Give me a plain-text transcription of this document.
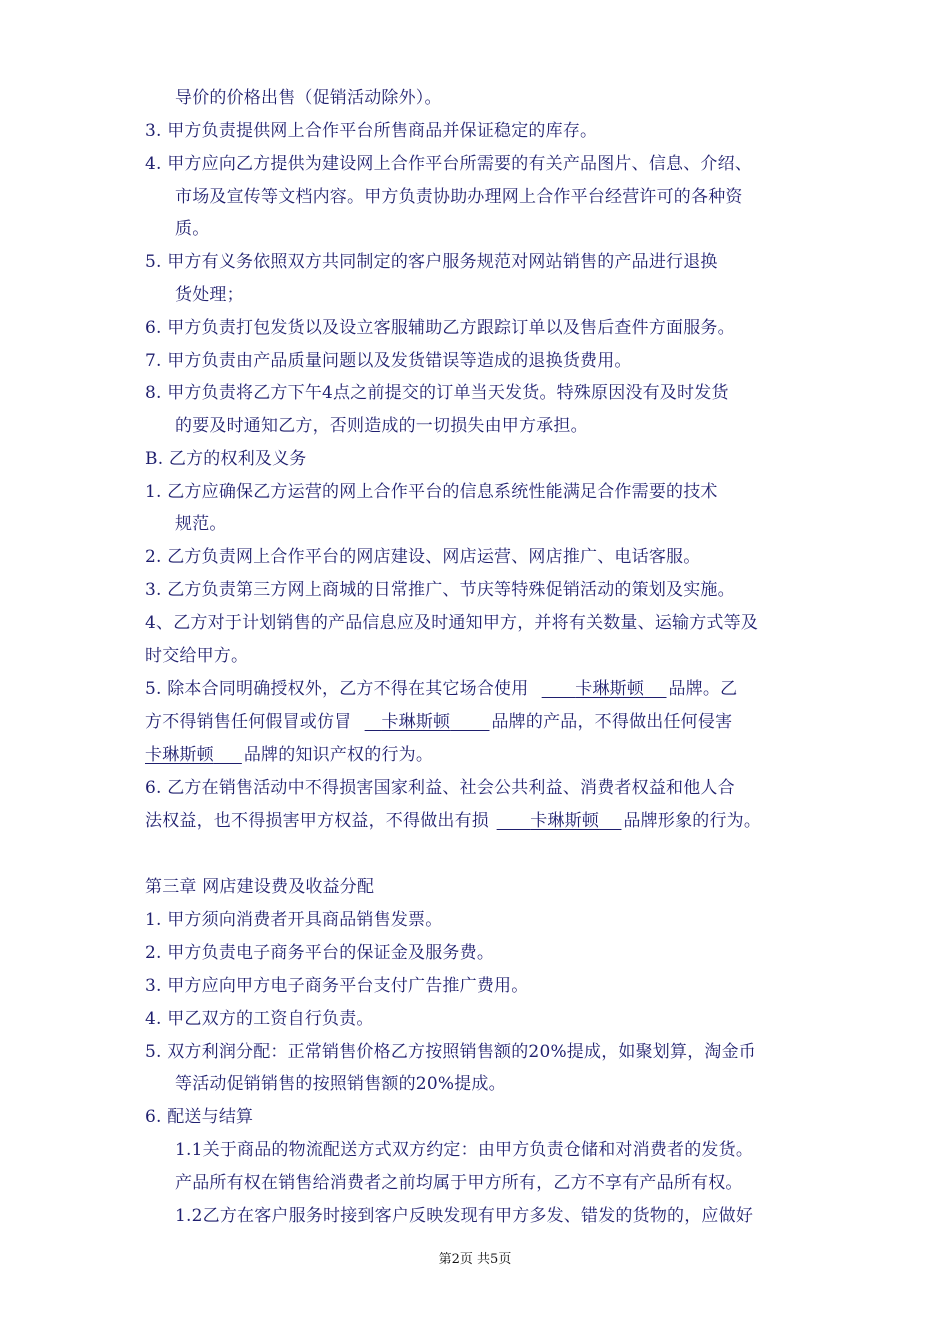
导价的价格出售（促销活动除外）。
3. 甲方负责提供网上合作平台所售商品并保证稳定的库存。
4. 甲方应向乙方提供为建设网上合作平台所需要的有关产品图片、信息、介绍、
市场及宣传等文档内容。甲方负责协助办理网上合作平台经营许可的各种资
质。
5. 甲方有义务依照双方共同制定的客户服务规范对网站销售的产品进行退换
货处理；
6. 甲方负责打包发货以及设立客服辅助乙方跟踪订单以及售后查件方面服务。
7. 甲方负责由产品质量问题以及发货错误等造成的退换货费用。
8. 甲方负责将乙方下午4点之前提交的订单当天发货。特殊原因没有及时发货
的要及时通知乙方，否则造成的一切损失由甲方承担。
B. 乙方的权利及义务
1. 乙方应确保乙方运营的网上合作平台的信息系统性能满足合作需要的技术
规范。
2. 乙方负责网上合作平台的网店建设、网店运营、网店推广、电话客服。
3. 乙方负责第三方网上商城的日常推广、节庆等特殊促销活动的策划及实施。
4、乙方对于计划销售的产品信息应及时通知甲方，并将有关数量、运输方式等及
时交给甲方。
5. 除本合同明确授权外，乙方不得在其它场合使用	卡琳斯顿 品牌。乙
方不得销售任何假冒或仿冒 卡琳斯顿 品牌的产品，不得做出任何侵害
卡琳斯顿 品牌的知识产权的行为。
6. 乙方在销售活动中不得损害国家利益、社会公共利益、消费者权益和他人合
法权益，也不得损害甲方权益，不得做出有损 卡琳斯顿 品牌形象的行为。
第三章 网店建设费及收益分配
1. 甲方须向消费者开具商品销售发票。
2. 甲方负责电子商务平台的保证金及服务费。
3. 甲方应向甲方电子商务平台支付广告推广费用。
4. 甲乙双方的工资自行负责。
5. 双方利润分配：正常销售价格乙方按照销售额的20%提成，如聚划算，淘金币
等活动促销销售的按照销售额的20%提成。
6. 配送与结算
1.1关于商品的物流配送方式双方约定：由甲方负责仓储和对消费者的发货。
产品所有权在销售给消费者之前均属于甲方所有，乙方不享有产品所有权。
1.2乙方在客户服务时接到客户反映发现有甲方多发、错发的货物的，应做好
第2页 共5页
